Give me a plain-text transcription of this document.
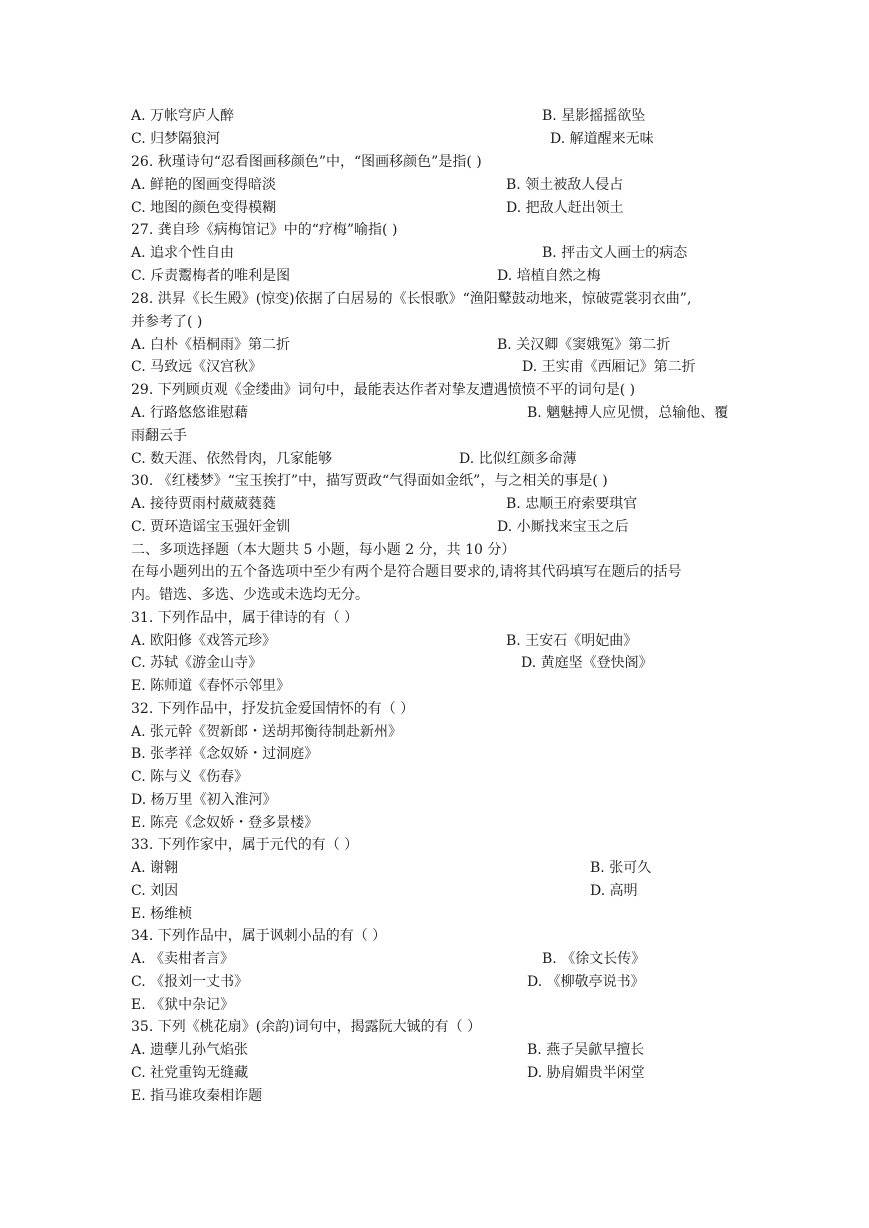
A. 万帐穹庐人醉	B. 星影摇摇欲坠
C. 归梦隔狼河	D. 解道醒来无味
26. 秋瑾诗句“忍看图画移颜色”中，“图画移颜色”是指( )
A. 鲜艳的图画变得暗淡	B. 领土被敌人侵占
C. 地图的颜色变得模糊	D. 把敌人赶出领土
27. 龚自珍《病梅馆记》中的“疗梅”喻指( )
A. 追求个性自由	B. 抨击文人画士的病态
C. 斥责鬻梅者的唯利是图	D. 培植自然之梅
28. 洪昇《长生殿》(惊变)依据了白居易的《长恨歌》“渔阳鼙鼓动地来，惊破霓裳羽衣曲”,
并参考了( )
A. 白朴《梧桐雨》第二折	B. 关汉卿《窦娥冤》第二折
C. 马致远《汉宫秋》	D. 王实甫《西厢记》第二折
29. 下列顾贞观《金缕曲》词句中，最能表达作者对挚友遭遇愤愤不平的词句是( )
A. 行路悠悠谁慰藉	B. 魑魅搏人应见惯，总输他、覆
雨翻云手
C. 数天涯、依然骨肉，几家能够	D. 比似红颜多命薄
30. 《红楼梦》“宝玉挨打”中，描写贾政“气得面如金纸”，与之相关的事是( )
A. 接待贾雨村葳葳蕤蕤	B. 忠顺王府索要琪官
C. 贾环造谣宝玉强奸金钏	D. 小厮找来宝玉之后
二、多项选择题（本大题共 5 小题，每小题 2 分，共 10 分）
在每小题列出的五个备选项中至少有两个是符合题目要求的,请将其代码填写在题后的括号
内。错选、多选、少选或未选均无分。
31. 下列作品中，属于律诗的有（ ）
A. 欧阳修《戏答元珍》	B. 王安石《明妃曲》
C. 苏轼《游金山寺》	D. 黄庭坚《登快阁》
E. 陈师道《春怀示邻里》
32. 下列作品中，抒发抗金爱国情怀的有（ ）
A. 张元幹《贺新郎・送胡邦衡待制赴新州》
B. 张孝祥《念奴娇・过洞庭》
C. 陈与义《伤春》
D. 杨万里《初入淮河》
E. 陈亮《念奴娇・登多景楼》
33. 下列作家中，属于元代的有（ ）
A. 谢翱	B. 张可久
C. 刘因	D. 高明
E. 杨维桢
34. 下列作品中，属于讽刺小品的有（ ）
A. 《卖柑者言》	B. 《徐文长传》
C. 《报刘一丈书》	D. 《柳敬亭说书》
E. 《狱中杂记》
35. 下列《桃花扇》(余韵)词句中，揭露阮大铖的有（ ）
A. 遗孽儿孙气焰张	B. 燕子吴歈早擅长
C. 社党重钩无缝藏	D. 胁肩媚贵半闲堂
E. 指马谁攻秦相诈题
